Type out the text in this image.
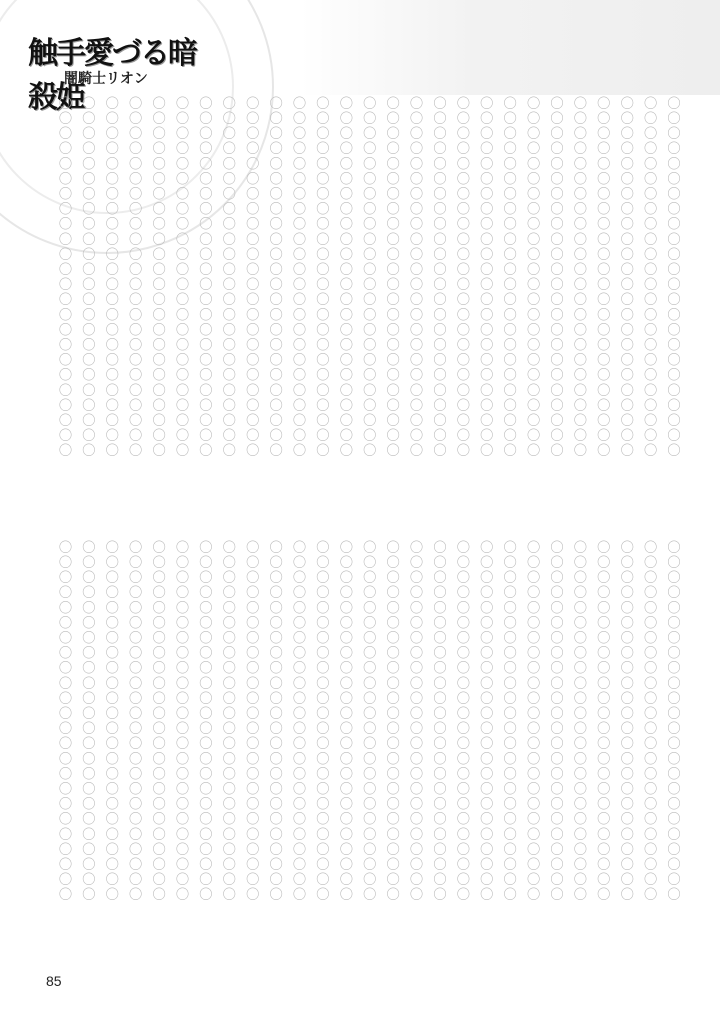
触手愛づる暗殺姫
闇騎士リオン
〇〇〇〇〇〇〇〇〇〇〇〇〇〇〇〇〇〇〇〇〇〇〇〇
〇〇〇〇〇〇〇〇〇〇〇〇〇〇〇〇〇〇〇〇〇〇〇〇
〇〇〇〇〇〇〇〇〇〇〇〇〇〇〇〇〇〇〇〇〇〇〇〇
〇〇〇〇〇〇〇〇〇〇〇〇〇〇〇〇〇〇〇〇〇〇〇〇
〇〇〇〇〇〇〇〇〇〇〇〇〇〇〇〇〇〇〇〇〇〇〇〇
〇〇〇〇〇〇〇〇〇〇〇〇〇〇〇〇〇〇〇〇〇〇〇〇
〇〇〇〇〇〇〇〇〇〇〇〇〇〇〇〇〇〇〇〇〇〇〇〇
〇〇〇〇〇〇〇〇〇〇〇〇〇〇〇〇〇〇〇〇〇〇〇〇
〇〇〇〇〇〇〇〇〇〇〇〇〇〇〇〇〇〇〇〇〇〇〇〇
〇〇〇〇〇〇〇〇〇〇〇〇〇〇〇〇〇〇〇〇〇〇〇〇
〇〇〇〇〇〇〇〇〇〇〇〇〇〇〇〇〇〇〇〇〇〇〇〇
〇〇〇〇〇〇〇〇〇〇〇〇〇〇〇〇〇〇〇〇〇〇〇〇
〇〇〇〇〇〇〇〇〇〇〇〇〇〇〇〇〇〇〇〇〇〇〇〇
〇〇〇〇〇〇〇〇〇〇〇〇〇〇〇〇〇〇〇〇〇〇〇〇
〇〇〇〇〇〇〇〇〇〇〇〇〇〇〇〇〇〇〇〇〇〇〇〇
〇〇〇〇〇〇〇〇〇〇〇〇〇〇〇〇〇〇〇〇〇〇〇〇
〇〇〇〇〇〇〇〇〇〇〇〇〇〇〇〇〇〇〇〇〇〇〇〇
〇〇〇〇〇〇〇〇〇〇〇〇〇〇〇〇〇〇〇〇〇〇〇〇
〇〇〇〇〇〇〇〇〇〇〇〇〇〇〇〇〇〇〇〇〇〇〇〇
〇〇〇〇〇〇〇〇〇〇〇〇〇〇〇〇〇〇〇〇〇〇〇〇
〇〇〇〇〇〇〇〇〇〇〇〇〇〇〇〇〇〇〇〇〇〇〇〇
〇〇〇〇〇〇〇〇〇〇〇〇〇〇〇〇〇〇〇〇〇〇〇〇
〇〇〇〇〇〇〇〇〇〇〇〇〇〇〇〇〇〇〇〇〇〇〇〇
〇〇〇〇〇〇〇〇〇〇〇〇〇〇〇〇〇〇〇〇〇〇〇〇
〇〇〇〇〇〇〇〇〇〇〇〇〇〇〇〇〇〇〇〇〇〇〇〇
〇〇〇〇〇〇〇〇〇〇〇〇〇〇〇〇〇〇〇〇〇〇〇〇
〇〇〇〇〇〇〇〇〇〇〇〇〇〇〇〇〇〇〇〇〇〇〇〇
〇〇〇〇〇〇〇〇〇〇〇〇〇〇〇〇〇〇〇〇〇〇〇〇
〇〇〇〇〇〇〇〇〇〇〇〇〇〇〇〇〇〇〇〇〇〇〇〇
〇〇〇〇〇〇〇〇〇〇〇〇〇〇〇〇〇〇〇〇〇〇〇〇
〇〇〇〇〇〇〇〇〇〇〇〇〇〇〇〇〇〇〇〇〇〇〇〇
〇〇〇〇〇〇〇〇〇〇〇〇〇〇〇〇〇〇〇〇〇〇〇〇
〇〇〇〇〇〇〇〇〇〇〇〇〇〇〇〇〇〇〇〇〇〇〇〇
〇〇〇〇〇〇〇〇〇〇〇〇〇〇〇〇〇〇〇〇〇〇〇〇
〇〇〇〇〇〇〇〇〇〇〇〇〇〇〇〇〇〇〇〇〇〇〇〇
〇〇〇〇〇〇〇〇〇〇〇〇〇〇〇〇〇〇〇〇〇〇〇〇
〇〇〇〇〇〇〇〇〇〇〇〇〇〇〇〇〇〇〇〇〇〇〇〇
〇〇〇〇〇〇〇〇〇〇〇〇〇〇〇〇〇〇〇〇〇〇〇〇
〇〇〇〇〇〇〇〇〇〇〇〇〇〇〇〇〇〇〇〇〇〇〇〇
〇〇〇〇〇〇〇〇〇〇〇〇〇〇〇〇〇〇〇〇〇〇〇〇
〇〇〇〇〇〇〇〇〇〇〇〇〇〇〇〇〇〇〇〇〇〇〇〇
〇〇〇〇〇〇〇〇〇〇〇〇〇〇〇〇〇〇〇〇〇〇〇〇
〇〇〇〇〇〇〇〇〇〇〇〇〇〇〇〇〇〇〇〇〇〇〇〇
〇〇〇〇〇〇〇〇〇〇〇〇〇〇〇〇〇〇〇〇〇〇〇〇
〇〇〇〇〇〇〇〇〇〇〇〇〇〇〇〇〇〇〇〇〇〇〇〇
〇〇〇〇〇〇〇〇〇〇〇〇〇〇〇〇〇〇〇〇〇〇〇〇
〇〇〇〇〇〇〇〇〇〇〇〇〇〇〇〇〇〇〇〇〇〇〇〇
〇〇〇〇〇〇〇〇〇〇〇〇〇〇〇〇〇〇〇〇〇〇〇〇
〇〇〇〇〇〇〇〇〇〇〇〇〇〇〇〇〇〇〇〇〇〇〇〇
〇〇〇〇〇〇〇〇〇〇〇〇〇〇〇〇〇〇〇〇〇〇〇〇
〇〇〇〇〇〇〇〇〇〇〇〇〇〇〇〇〇〇〇〇〇〇〇〇
〇〇〇〇〇〇〇〇〇〇〇〇〇〇〇〇〇〇〇〇〇〇〇〇
〇〇〇〇〇〇〇〇〇〇〇〇〇〇〇〇〇〇〇〇〇〇〇〇
〇〇〇〇〇〇〇〇〇〇〇〇〇〇〇〇〇〇〇〇〇〇〇〇
85
